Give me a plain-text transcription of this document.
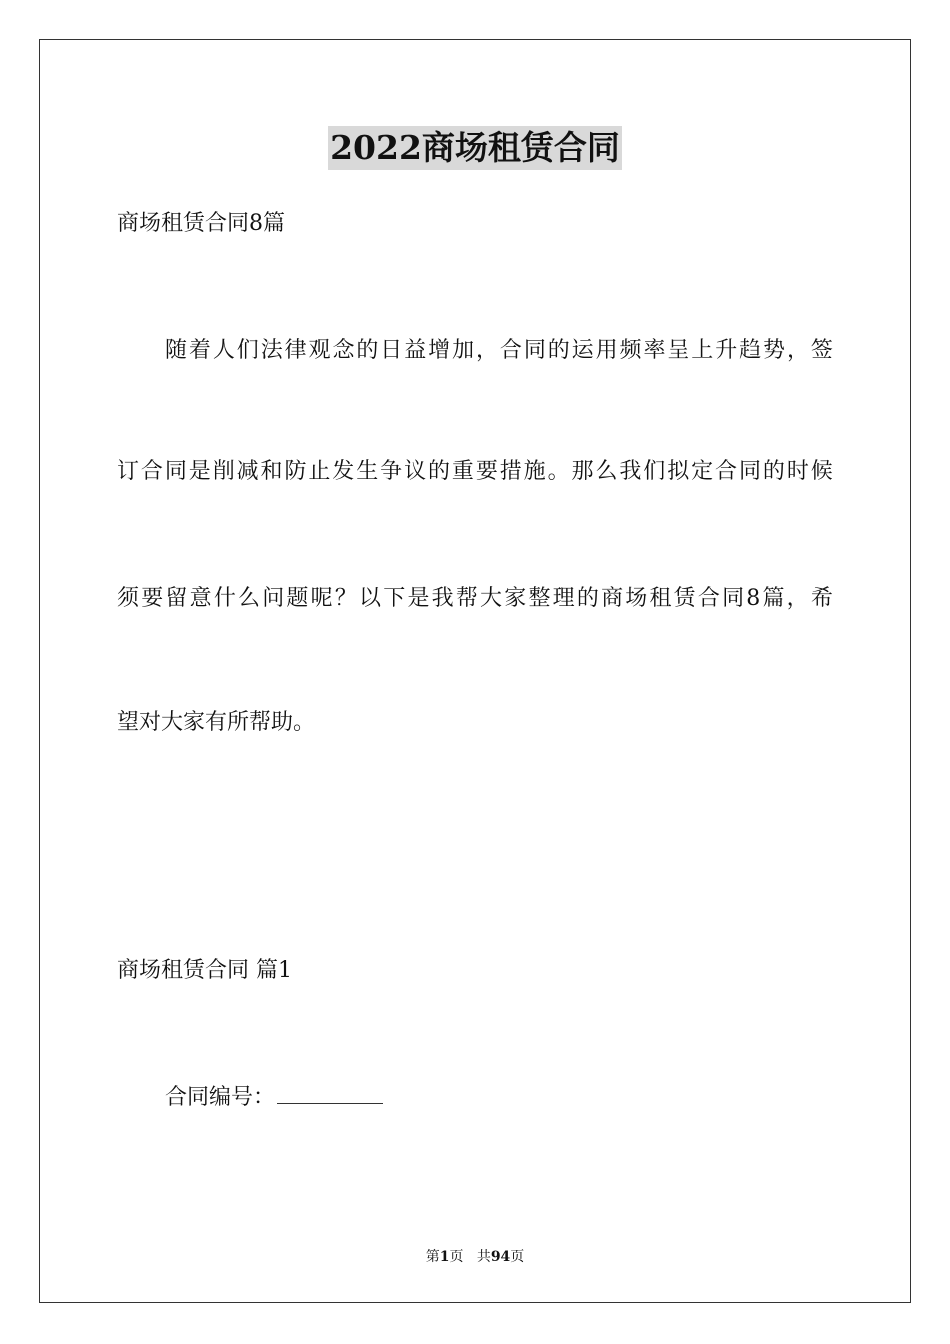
2022商场租赁合同
商场租赁合同8篇
随 着 人 们 法 律 观 念 的 日 益 增 加 ， 合 同 的 运 用 频 率 呈 上 升 趋 势 ， 签
订 合 同 是 削 减 和 防 止 发 生 争 议 的 重 要 措 施 。 那 么 我 们 拟 定 合 同 的 时 候
须 要 留 意 什 么 问 题 呢 ？ 以 下 是 我 帮 大 家 整 理 的 商 场 租 赁 合 同 8 篇 ， 希
望对大家有所帮助。
商场租赁合同 篇1
合同编号：
第1页 共94页
